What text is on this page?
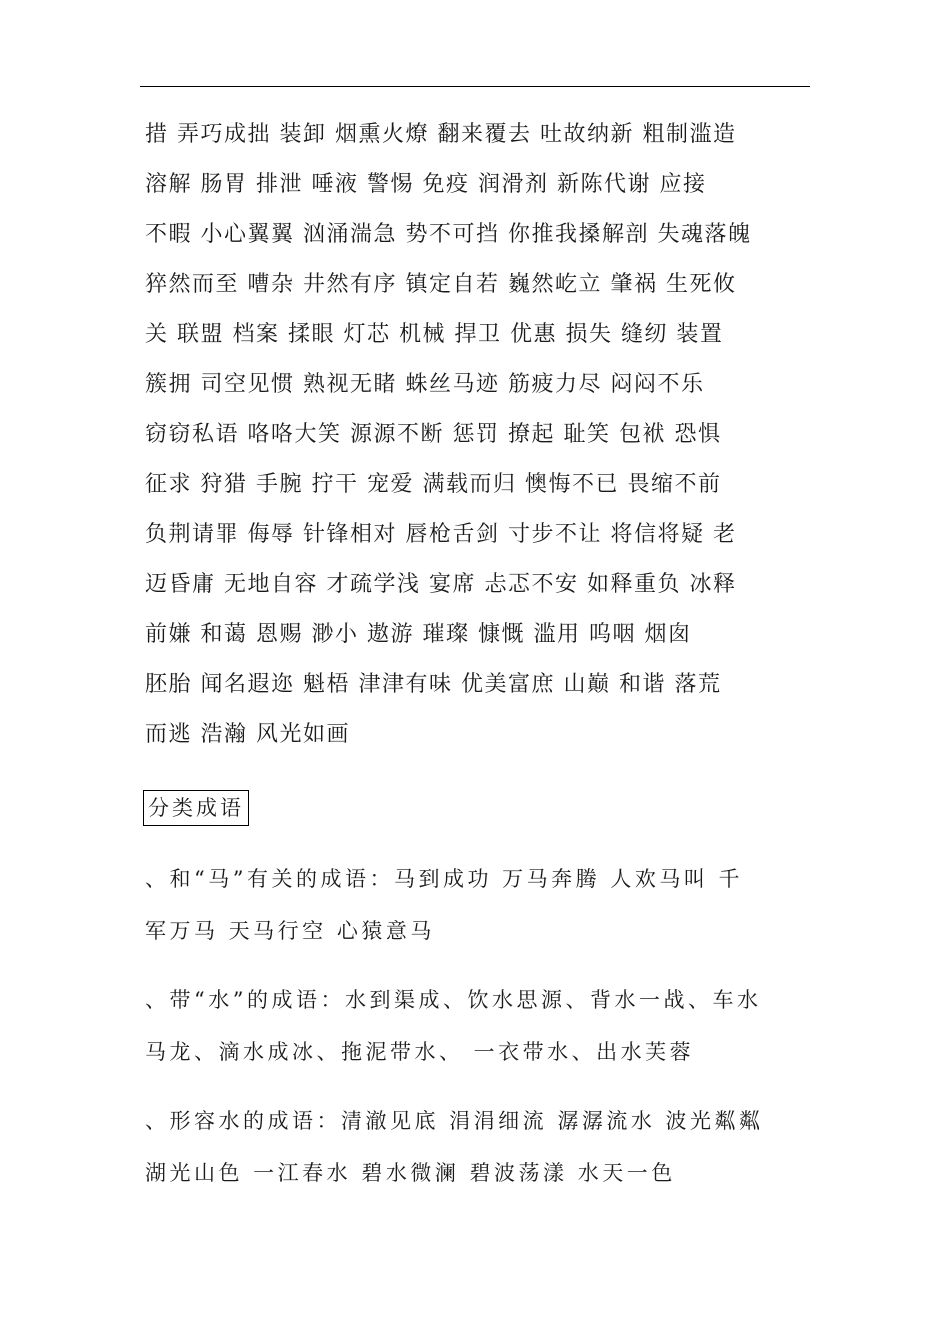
措 弄巧成拙 装卸 烟熏火燎 翻来覆去 吐故纳新 粗制滥造
溶解 肠胃 排泄 唾液 警惕 免疫 润滑剂 新陈代谢 应接
不暇 小心翼翼 汹涌湍急 势不可挡 你推我搡解剖 失魂落魄
猝然而至 嘈杂 井然有序 镇定自若 巍然屹立 肇祸 生死攸
关 联盟 档案 揉眼 灯芯 机械 捍卫 优惠 损失 缝纫 装置
簇拥 司空见惯 熟视无睹 蛛丝马迹 筋疲力尽 闷闷不乐
窃窃私语 咯咯大笑 源源不断 惩罚 撩起 耻笑 包袱 恐惧
征求 狩猎 手腕 拧干 宠爱 满载而归 懊悔不已 畏缩不前
负荆请罪 侮辱 针锋相对 唇枪舌剑 寸步不让 将信将疑 老
迈昏庸 无地自容 才疏学浅 宴席 忐忑不安 如释重负 冰释
前嫌 和蔼 恩赐 渺小 遨游 璀璨 慷慨 滥用 呜咽 烟囱
胚胎 闻名遐迩 魁梧 津津有味 优美富庶 山巅 和谐 落荒
而逃 浩瀚 风光如画
分类成语
、和“马”有关的成语：马到成功 万马奔腾 人欢马叫 千
军万马 天马行空 心猿意马
、带“水”的成语：水到渠成、饮水思源、背水一战、车水
马龙、滴水成冰、拖泥带水、 一衣带水、出水芙蓉
、形容水的成语：清澈见底 涓涓细流 潺潺流水 波光粼粼
湖光山色 一江春水 碧水微澜 碧波荡漾 水天一色
